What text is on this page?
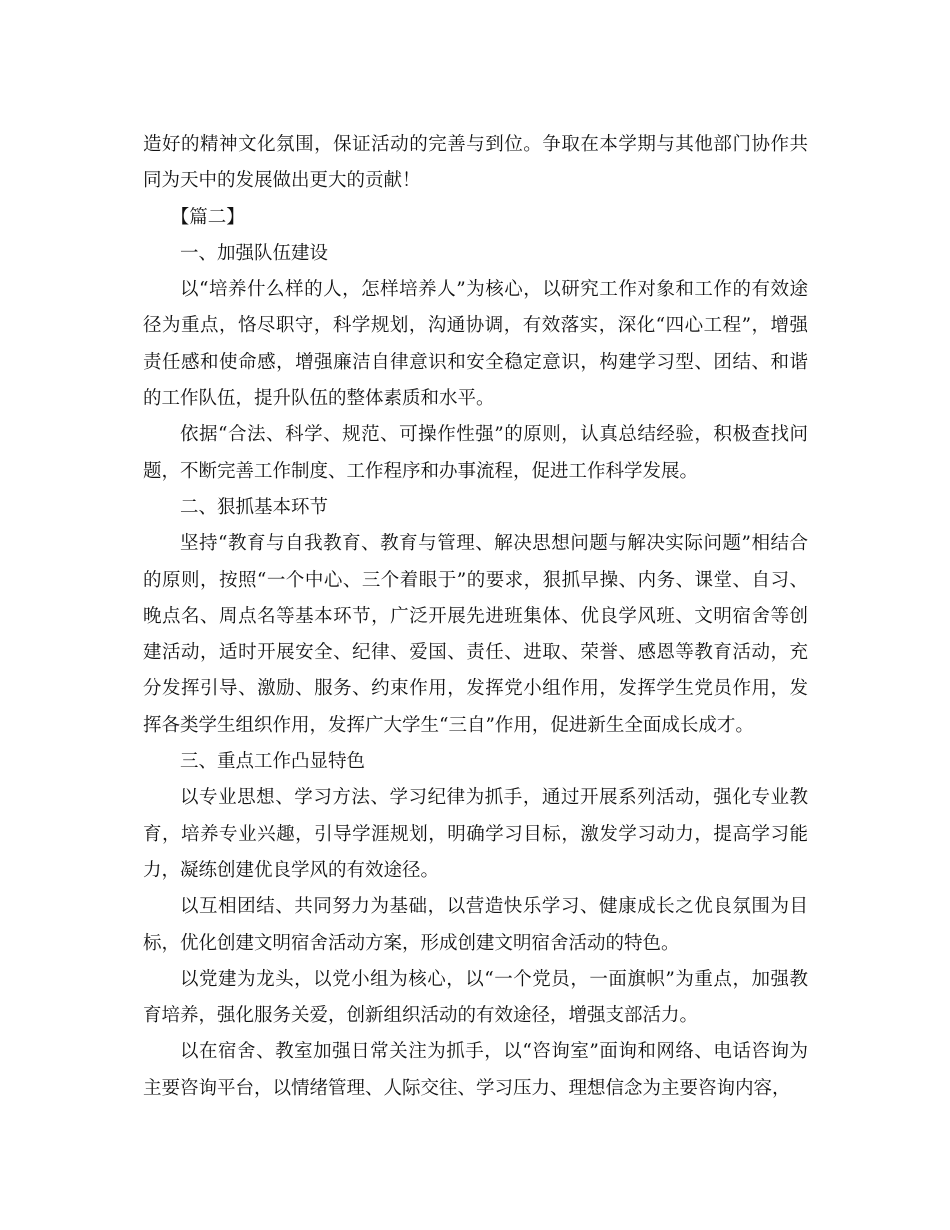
造好的精神文化氛围，保证活动的完善与到位。争取在本学期与其他部门协作共同为天中的发展做出更大的贡献！

【篇二】

一、加强队伍建设

以“培养什么样的人，怎样培养人”为核心，以研究工作对象和工作的有效途径为重点，恪尽职守，科学规划，沟通协调，有效落实，深化“四心工程”，增强责任感和使命感，增强廉洁自律意识和安全稳定意识，构建学习型、团结、和谐的工作队伍，提升队伍的整体素质和水平。

依据“合法、科学、规范、可操作性强”的原则，认真总结经验，积极查找问题，不断完善工作制度、工作程序和办事流程，促进工作科学发展。

二、狠抓基本环节

坚持“教育与自我教育、教育与管理、解决思想问题与解决实际问题”相结合的原则，按照“一个中心、三个着眼于”的要求，狠抓早操、内务、课堂、自习、晚点名、周点名等基本环节，广泛开展先进班集体、优良学风班、文明宿舍等创建活动，适时开展安全、纪律、爱国、责任、进取、荣誉、感恩等教育活动，充分发挥引导、激励、服务、约束作用，发挥党小组作用，发挥学生党员作用，发挥各类学生组织作用，发挥广大学生“三自”作用，促进新生全面成长成才。

三、重点工作凸显特色

以专业思想、学习方法、学习纪律为抓手，通过开展系列活动，强化专业教育，培养专业兴趣，引导学涯规划，明确学习目标，激发学习动力，提高学习能力，凝练创建优良学风的有效途径。

以互相团结、共同努力为基础，以营造快乐学习、健康成长之优良氛围为目标，优化创建文明宿舍活动方案，形成创建文明宿舍活动的特色。

以党建为龙头，以党小组为核心，以“一个党员，一面旗帜”为重点，加强教育培养，强化服务关爱，创新组织活动的有效途径，增强支部活力。

以在宿舍、教室加强日常关注为抓手，以“咨询室”面询和网络、电话咨询为主要咨询平台，以情绪管理、人际交往、学习压力、理想信念为主要咨询内容，
